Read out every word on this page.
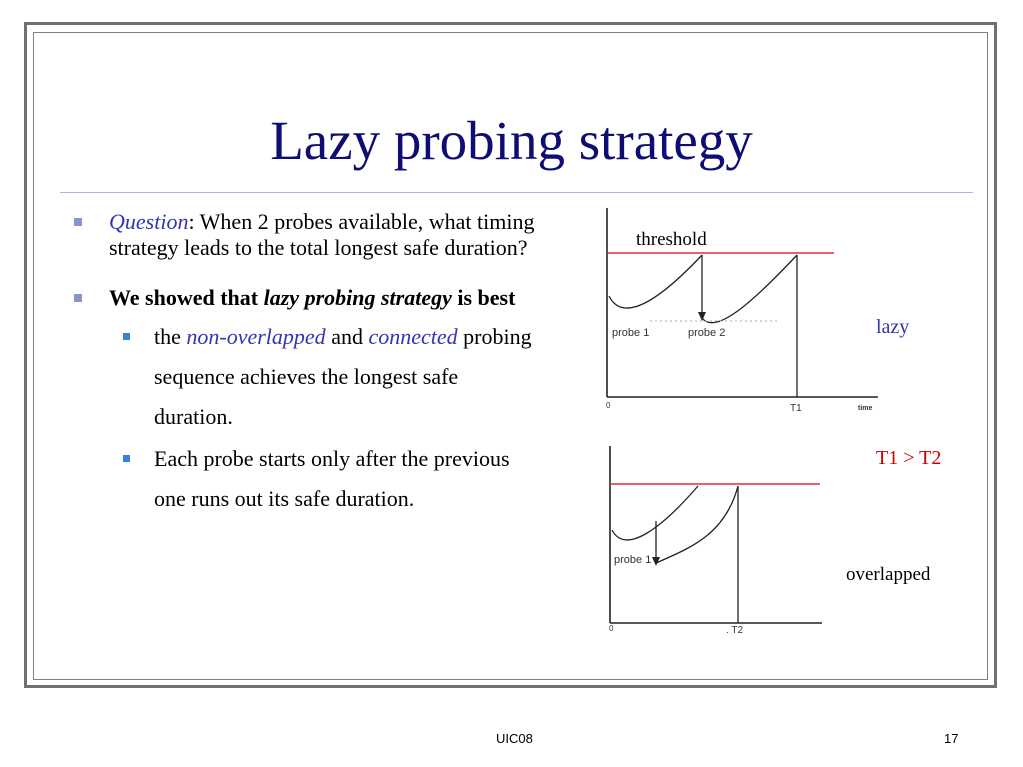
Lazy probing strategy
Question: When 2 probes available, what timing strategy leads to the total longest safe duration?
We showed that lazy probing strategy is best
the non-overlapped and connected probing sequence achieves the longest safe duration.
Each probe starts only after the previous one runs out its safe duration.
threshold
lazy
T1 > T2
overlapped
probe 1	probe 2
0	T1	time
probe 1
0	. T2
UIC08	17
